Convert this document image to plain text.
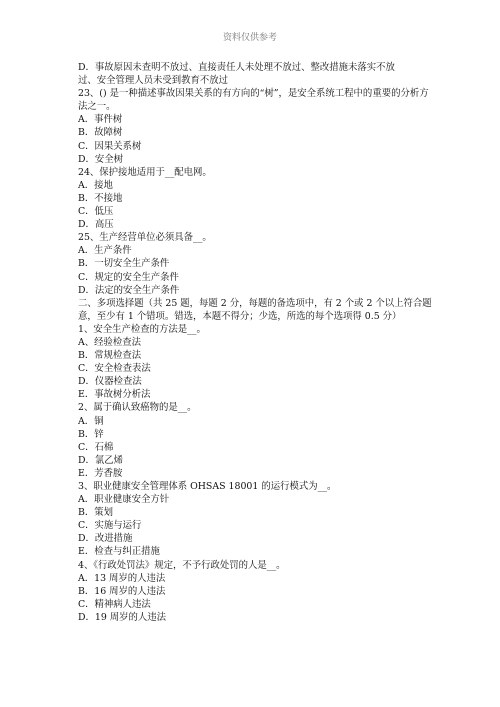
资料仅供参考
D．事故原因未查明不放过、直接责任人未处理不放过、整改措施未落实不放
过、安全管理人员未受到教育不放过
23、() 是一种描述事故因果关系的有方向的“树”，是安全系统工程中的重要的分析方法之一。
A．事件树
B．故障树
C．因果关系树
D．安全树
24、保护接地适用于__配电网。
A．接地
B．不接地
C．低压
D．高压
25、生产经营单位必须具备__。
A．生产条件
B．一切安全生产条件
C．规定的安全生产条件
D．法定的安全生产条件
二、多项选择题（共 25 题，每题 2 分，每题的备选项中，有 2 个或 2 个以上符合题意，至少有 1 个错项。错选，本题不得分；少选，所选的每个选项得 0.5 分）
1、安全生产检查的方法是__。
A、经验检查法
B．常规检查法
C．安全检查表法
D．仪器检查法
E．事故树分析法
2、属于确认致癌物的是__。
A．铜
B．锌
C．石棉
D．氯乙烯
E．芳香胺
3、职业健康安全管理体系 OHSAS 18001 的运行模式为__。
A．职业健康安全方针
B．策划
C．实施与运行
D．改进措施
E．检查与纠正措施
4、《行政处罚法》规定，不予行政处罚的人是__。
A．13 周岁的人违法
B．16 周岁的人违法
C．精神病人违法
D．19 周岁的人违法
